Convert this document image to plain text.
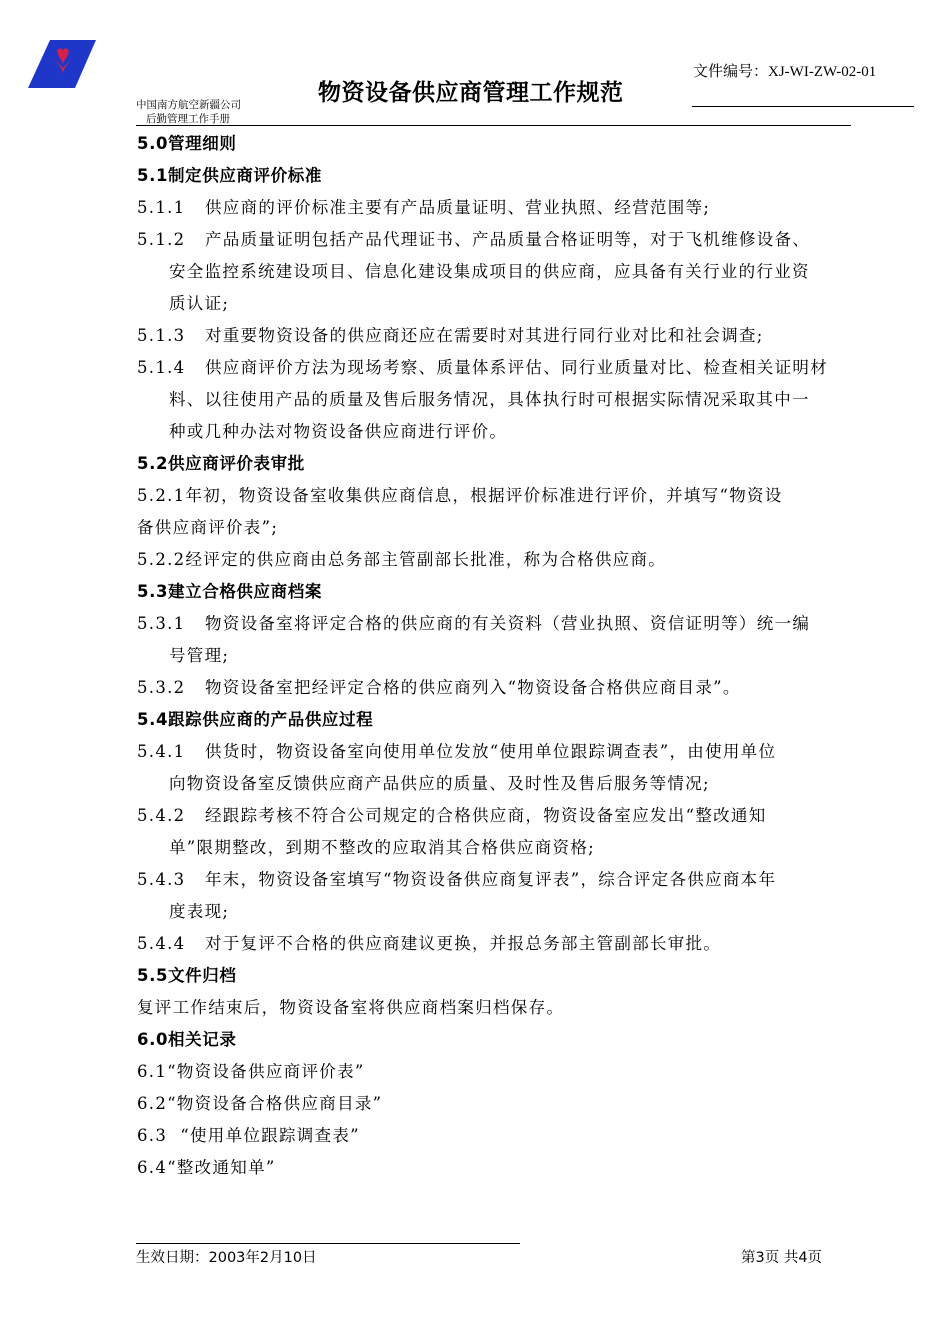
中国南方航空新疆公司
后勤管理工作手册
物资设备供应商管理工作规范
文件编号：XJ-WI-ZW-02-01

5.0管理细则

5.1制定供应商评价标准

5.1.1	供应商的评价标准主要有产品质量证明、营业执照、经营范围等;
5.1.2	产品质量证明包括产品代理证书、产品质量合格证明等，对于飞机维修设备、

安全监控系统建设项目、信息化建设集成项目的供应商，应具备有关行业的行业资

质认证;

5.1.3	对重要物资设备的供应商还应在需要时对其进行同行业对比和社会调查;
5.1.4	供应商评价方法为现场考察、质量体系评估、同行业质量对比、检查相关证明材

料、以往使用产品的质量及售后服务情况，具体执行时可根据实际情况采取其中一

种或几种办法对物资设备供应商进行评价。

5.2供应商评价表审批

5.2.1年初，物资设备室收集供应商信息，根据评价标准进行评价，并填写“物资设

备供应商评价表”;

5.2.2经评定的供应商由总务部主管副部长批准，称为合格供应商。

5.3建立合格供应商档案

5.3.1	物资设备室将评定合格的供应商的有关资料（营业执照、资信证明等）统一编

号管理;

5.3.2	物资设备室把经评定合格的供应商列入“物资设备合格供应商目录”。

5.4跟踪供应商的产品供应过程

5.4.1	供货时，物资设备室向使用单位发放“使用单位跟踪调查表”，由使用单位

向物资设备室反馈供应商产品供应的质量、及时性及售后服务等情况;

5.4.2	经跟踪考核不符合公司规定的合格供应商，物资设备室应发出“整改通知

单”限期整改，到期不整改的应取消其合格供应商资格;

5.4.3	年末，物资设备室填写“物资设备供应商复评表”，综合评定各供应商本年

度表现;

5.4.4	对于复评不合格的供应商建议更换，并报总务部主管副部长审批。

5.5文件归档

复评工作结束后，物资设备室将供应商档案归档保存。

6.0相关记录

6.1“物资设备供应商评价表”

6.2“物资设备合格供应商目录”

6.3  “使用单位跟踪调查表”

6.4“整改通知单”

生效日期：2003年2月10日	第3页 共4页
